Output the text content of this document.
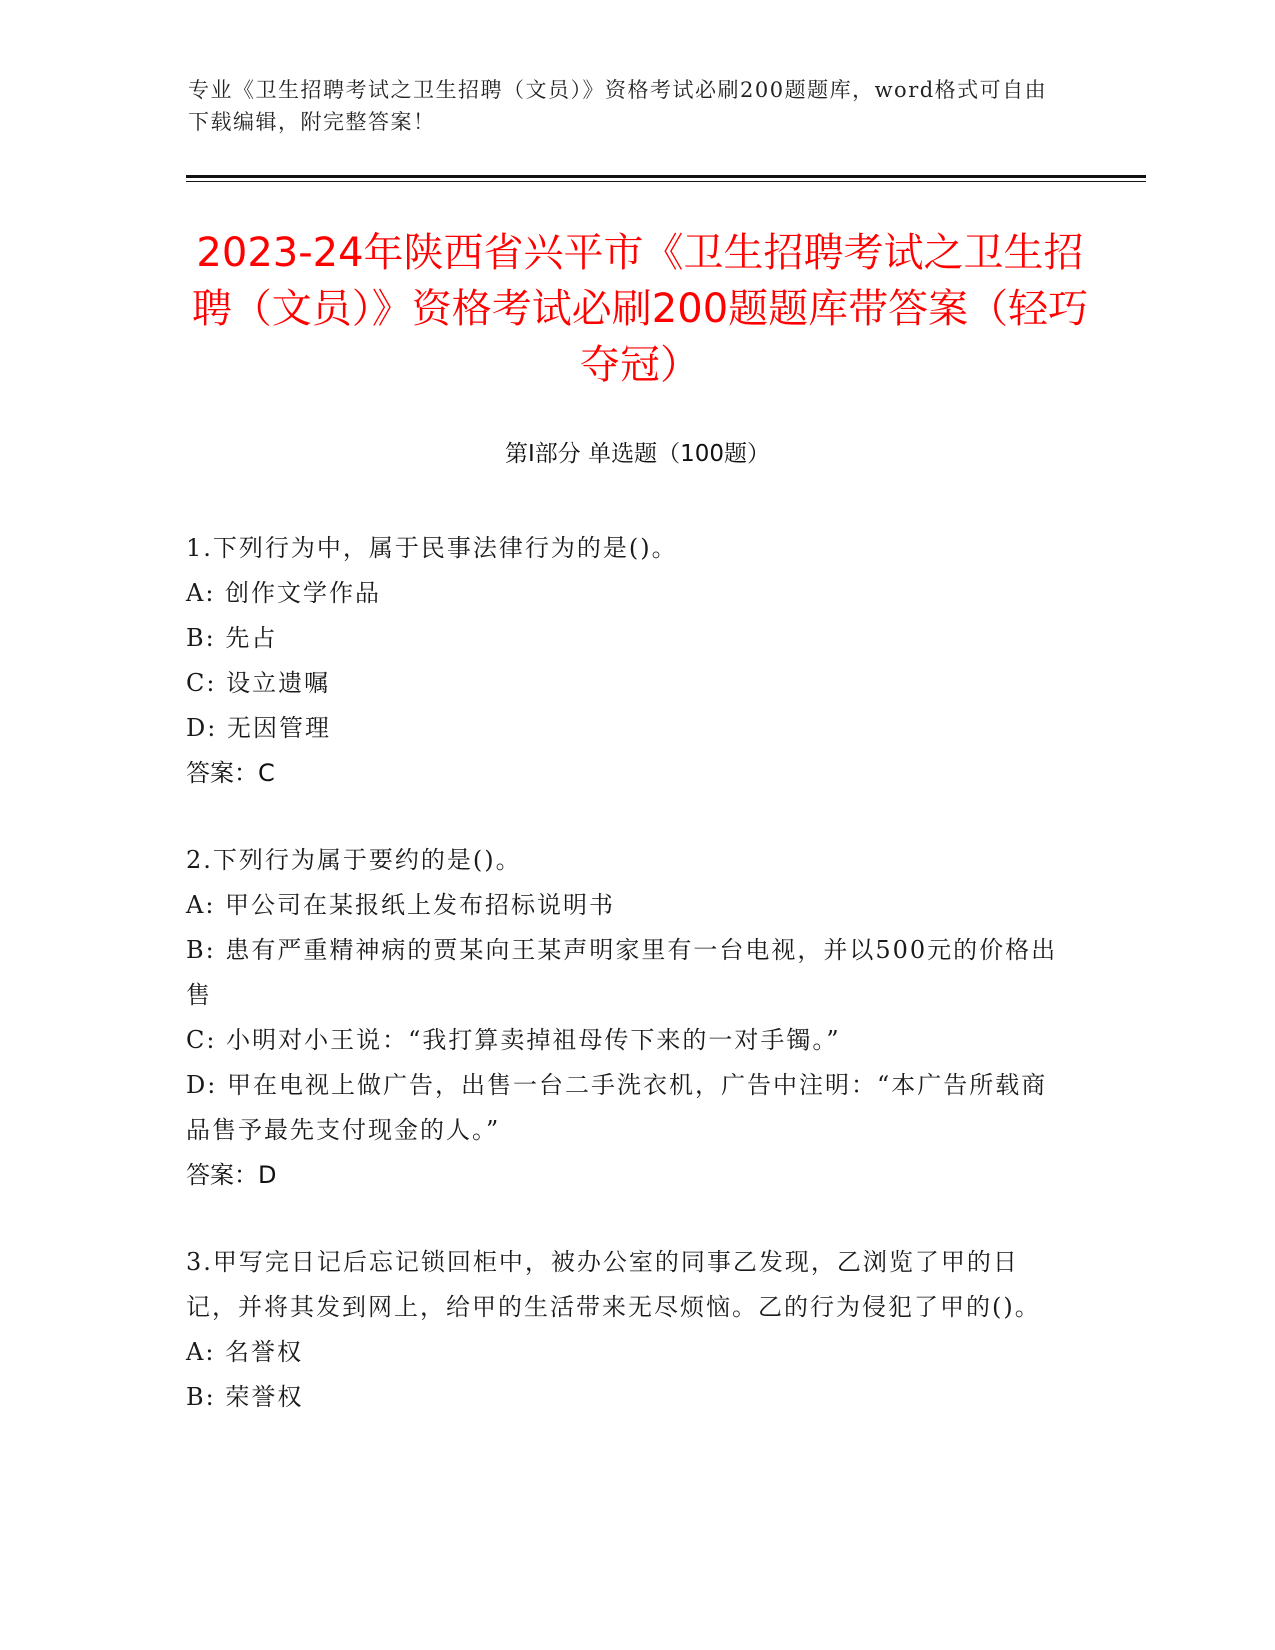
专业《卫生招聘考试之卫生招聘（文员）》资格考试必刷200题题库，word格式可自由下载编辑，附完整答案！
2023-24年陕西省兴平市《卫生招聘考试之卫生招聘（文员）》资格考试必刷200题题库带答案（轻巧夺冠）
第I部分 单选题（100题）
1.下列行为中，属于民事法律行为的是()。
A: 创作文学作品
B: 先占
C: 设立遗嘱
D: 无因管理
答案：C
2.下列行为属于要约的是()。
A: 甲公司在某报纸上发布招标说明书
B: 患有严重精神病的贾某向王某声明家里有一台电视，并以500元的价格出售
C: 小明对小王说：“我打算卖掉祖母传下来的一对手镯。”
D: 甲在电视上做广告，出售一台二手洗衣机，广告中注明：“本广告所载商品售予最先支付现金的人。”
答案：D
3.甲写完日记后忘记锁回柜中，被办公室的同事乙发现，乙浏览了甲的日记，并将其发到网上，给甲的生活带来无尽烦恼。乙的行为侵犯了甲的()。
A: 名誉权
B: 荣誉权
